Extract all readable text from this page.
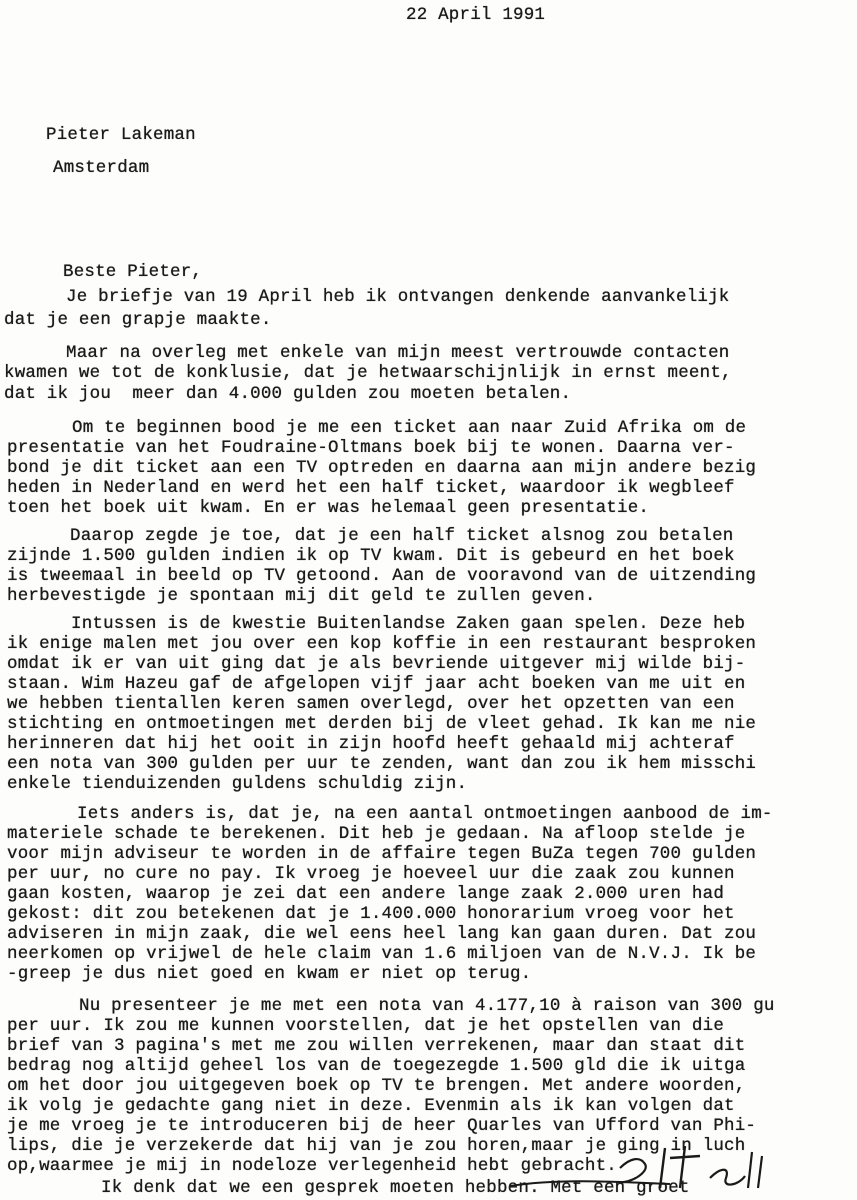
22 April 1991
Pieter Lakeman
Amsterdam
Beste Pieter,
Je briefje van 19 April heb ik ontvangen denkende aanvankelijk
dat je een grapje maakte.
Maar na overleg met enkele van mijn meest vertrouwde contacten
kwamen we tot de konklusie, dat je hetwaarschijnlijk in ernst meent,
dat ik jou  meer dan 4.000 gulden zou moeten betalen.
Om te beginnen bood je me een ticket aan naar Zuid Afrika om de
presentatie van het Foudraine-Oltmans boek bij te wonen. Daarna ver-
bond je dit ticket aan een TV optreden en daarna aan mijn andere bezig
heden in Nederland en werd het een half ticket, waardoor ik wegbleef
toen het boek uit kwam. En er was helemaal geen presentatie.
Daarop zegde je toe, dat je een half ticket alsnog zou betalen
zijnde 1.500 gulden indien ik op TV kwam. Dit is gebeurd en het boek
is tweemaal in beeld op TV getoond. Aan de vooravond van de uitzending
herbevestigde je spontaan mij dit geld te zullen geven.
Intussen is de kwestie Buitenlandse Zaken gaan spelen. Deze heb
ik enige malen met jou over een kop koffie in een restaurant besproken
omdat ik er van uit ging dat je als bevriende uitgever mij wilde bij-
staan. Wim Hazeu gaf de afgelopen vijf jaar acht boeken van me uit en
we hebben tientallen keren samen overlegd, over het opzetten van een
stichting en ontmoetingen met derden bij de vleet gehad. Ik kan me nie
herinneren dat hij het ooit in zijn hoofd heeft gehaald mij achteraf
een nota van 300 gulden per uur te zenden, want dan zou ik hem misschi
enkele tienduizenden guldens schuldig zijn.
Iets anders is, dat je, na een aantal ontmoetingen aanbood de im-
materiele schade te berekenen. Dit heb je gedaan. Na afloop stelde je
voor mijn adviseur te worden in de affaire tegen BuZa tegen 700 gulden
per uur, no cure no pay. Ik vroeg je hoeveel uur die zaak zou kunnen
gaan kosten, waarop je zei dat een andere lange zaak 2.000 uren had
gekost: dit zou betekenen dat je 1.400.000 honorarium vroeg voor het
adviseren in mijn zaak, die wel eens heel lang kan gaan duren. Dat zou
neerkomen op vrijwel de hele claim van 1.6 miljoen van de N.V.J. Ik be
-greep je dus niet goed en kwam er niet op terug.
Nu presenteer je me met een nota van 4.177,10 à raison van 300 gu
per uur. Ik zou me kunnen voorstellen, dat je het opstellen van die
brief van 3 pagina's met me zou willen verrekenen, maar dan staat dit
bedrag nog altijd geheel los van de toegezegde 1.500 gld die ik uitga
om het door jou uitgegeven boek op TV te brengen. Met andere woorden,
ik volg je gedachte gang niet in deze. Evenmin als ik kan volgen dat
je me vroeg je te introduceren bij de heer Quarles van Ufford van Phi-
lips, die je verzekerde dat hij van je zou horen,maar je ging in luch
op,waarmee je mij in nodeloze verlegenheid hebt gebracht.
Ik denk dat we een gesprek moeten hebben. Met een groet
